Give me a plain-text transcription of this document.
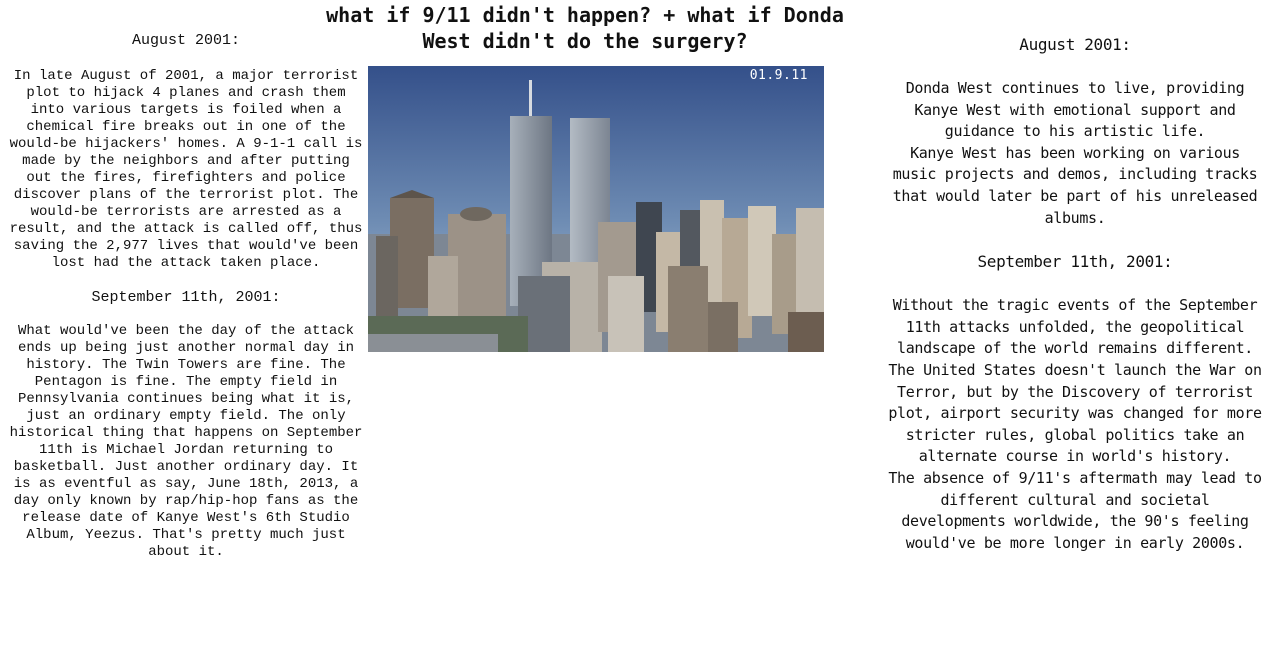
what if 9/11 didn't happen? + what if Donda West didn't do the surgery?
August 2001:

In late August of 2001, a major terrorist plot to hijack 4 planes and crash them into various targets is foiled when a chemical fire breaks out in one of the would-be hijackers' homes. A 9-1-1 call is made by the neighbors and after putting out the fires, firefighters and police discover plans of the terrorist plot. The would-be terrorists are arrested as a result, and the attack is called off, thus saving the 2,977 lives that would've been lost had the attack taken place.

September 11th, 2001:

What would've been the day of the attack ends up being just another normal day in history. The Twin Towers are fine. The Pentagon is fine. The empty field in Pennsylvania continues being what it is, just an ordinary empty field. The only historical thing that happens on September 11th is Michael Jordan returning to basketball. Just another ordinary day. It is as eventful as say, June 18th, 2013, a day only known by rap/hip-hop fans as the release date of Kanye West's 6th Studio Album, Yeezus. That's pretty much just about it.

01.9.11
August 2001:

Donda West continues to live, providing Kanye West with emotional support and guidance to his artistic life.

Kanye West has been working on various music projects and demos, including tracks that would later be part of his unreleased albums.

September 11th, 2001:

Without the tragic events of the September 11th attacks unfolded, the geopolitical landscape of the world remains different. The United States doesn't launch the War on Terror, but by the Discovery of terrorist plot, airport security was changed for more stricter rules, global politics take an alternate course in world's history.

The absence of 9/11's aftermath may lead to different cultural and societal developments worldwide, the 90's feeling would've be more longer in early 2000s.
